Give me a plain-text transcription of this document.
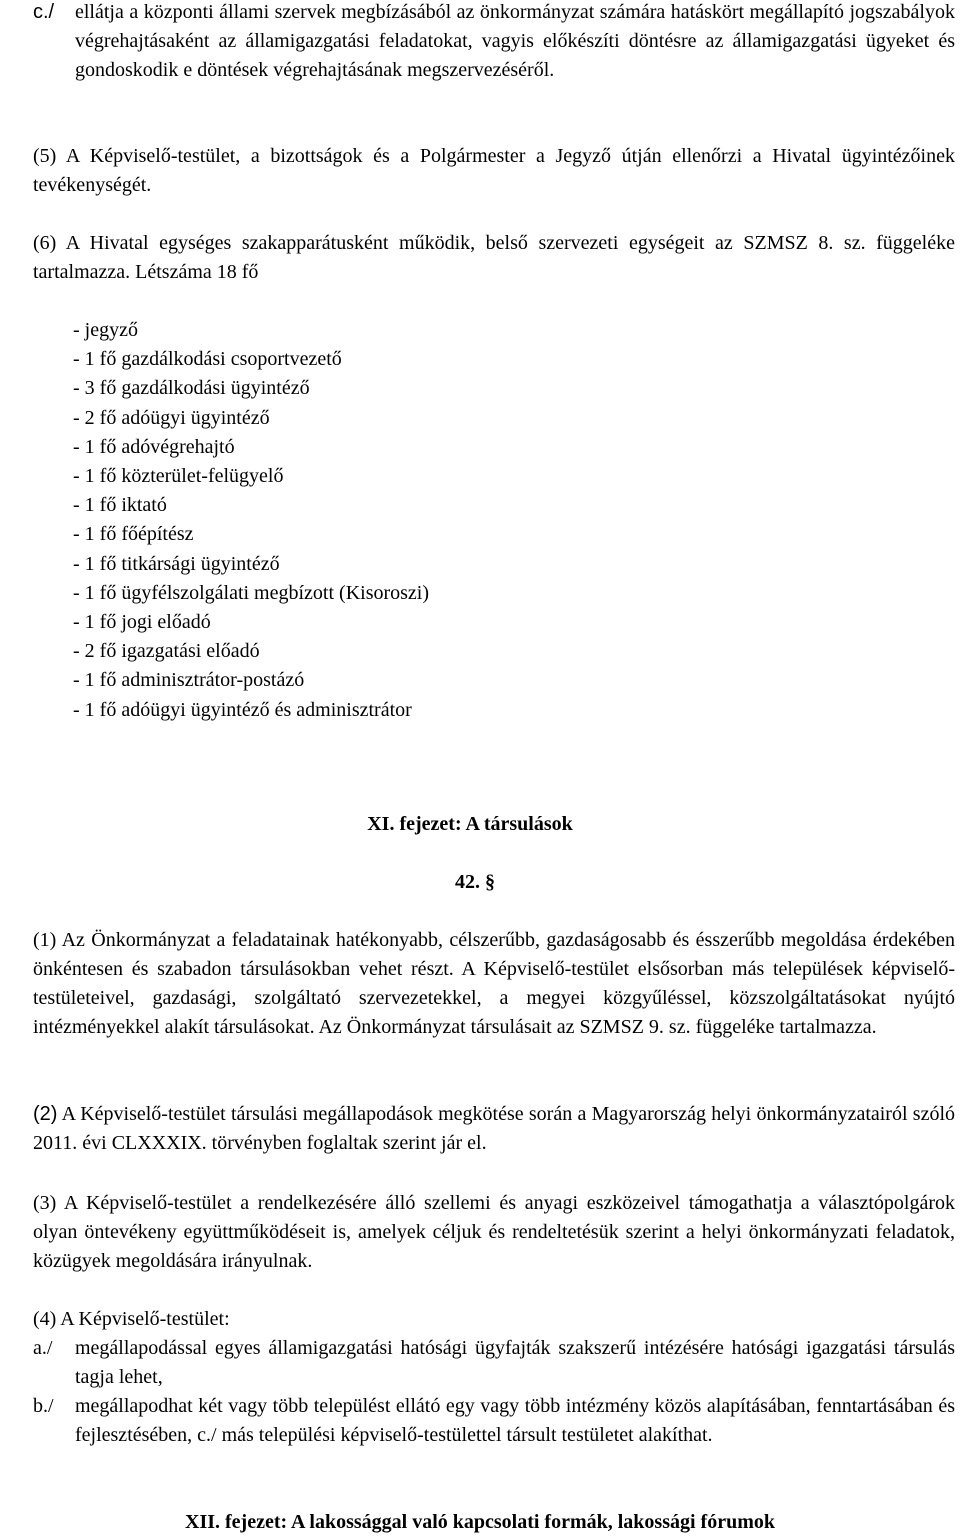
c./ ellátja a központi állami szervek megbízásából az önkormányzat számára hatáskört megállapító jogszabályok végrehajtásaként az államigazgatási feladatokat, vagyis előkészíti döntésre az államigazgatási ügyeket és gondoskodik e döntések végrehajtásának megszervezéséről.

(5) A Képviselő-testület, a bizottságok és a Polgármester a Jegyző útján ellenőrzi a Hivatal ügyintézőinek tevékenységét.

(6) A Hivatal egységes szakapparátusként működik, belső szervezeti egységeit az SZMSZ 8. sz. függeléke tartalmazza. Létszáma 18 fő

- jegyző
- 1 fő gazdálkodási csoportvezető
- 3 fő gazdálkodási ügyintéző
- 2 fő adóügyi ügyintéző
- 1 fő adóvégrehajtó
- 1 fő közterület-felügyelő
- 1 fő iktató
- 1 fő főépítész
- 1 fő titkársági ügyintéző
- 1 fő ügyfélszolgálati megbízott (Kisoroszi)
- 1 fő jogi előadó
- 2 fő igazgatási előadó
- 1 fő adminisztrátor-postázó
- 1 fő adóügyi ügyintéző és adminisztrátor

XI. fejezet: A társulások

42. §

(1) Az Önkormányzat a feladatainak hatékonyabb, célszerűbb, gazdaságosabb és ésszerűbb megoldása érdekében önkéntesen és szabadon társulásokban vehet részt. A Képviselő-testület elsősorban más települések képviselő-testületeivel, gazdasági, szolgáltató szervezetekkel, a megyei közgyűléssel, közszolgáltatásokat nyújtó intézményekkel alakít társulásokat. Az Önkormányzat társulásait az SZMSZ 9. sz. függeléke tartalmazza.

(2) A Képviselő-testület társulási megállapodások megkötése során a Magyarország helyi önkormányzatairól szóló 2011. évi CLXXXIX. törvényben foglaltak szerint jár el.

(3) A Képviselő-testület a rendelkezésére álló szellemi és anyagi eszközeivel támogathatja a választópolgárok olyan öntevékeny együttműködéseit is, amelyek céljuk és rendeltetésük szerint a helyi önkormányzati feladatok, közügyek megoldására irányulnak.

(4) A Képviselő-testület:

a./ megállapodással egyes államigazgatási hatósági ügyfajták szakszerű intézésére hatósági igazgatási társulás tagja lehet,

b./ megállapodhat két vagy több települést ellátó egy vagy több intézmény közös alapításában, fenntartásában és fejlesztésében, c./ más települési képviselő-testülettel társult testületet alakíthat.

XII. fejezet: A lakossággal való kapcsolati formák, lakossági fórumok
